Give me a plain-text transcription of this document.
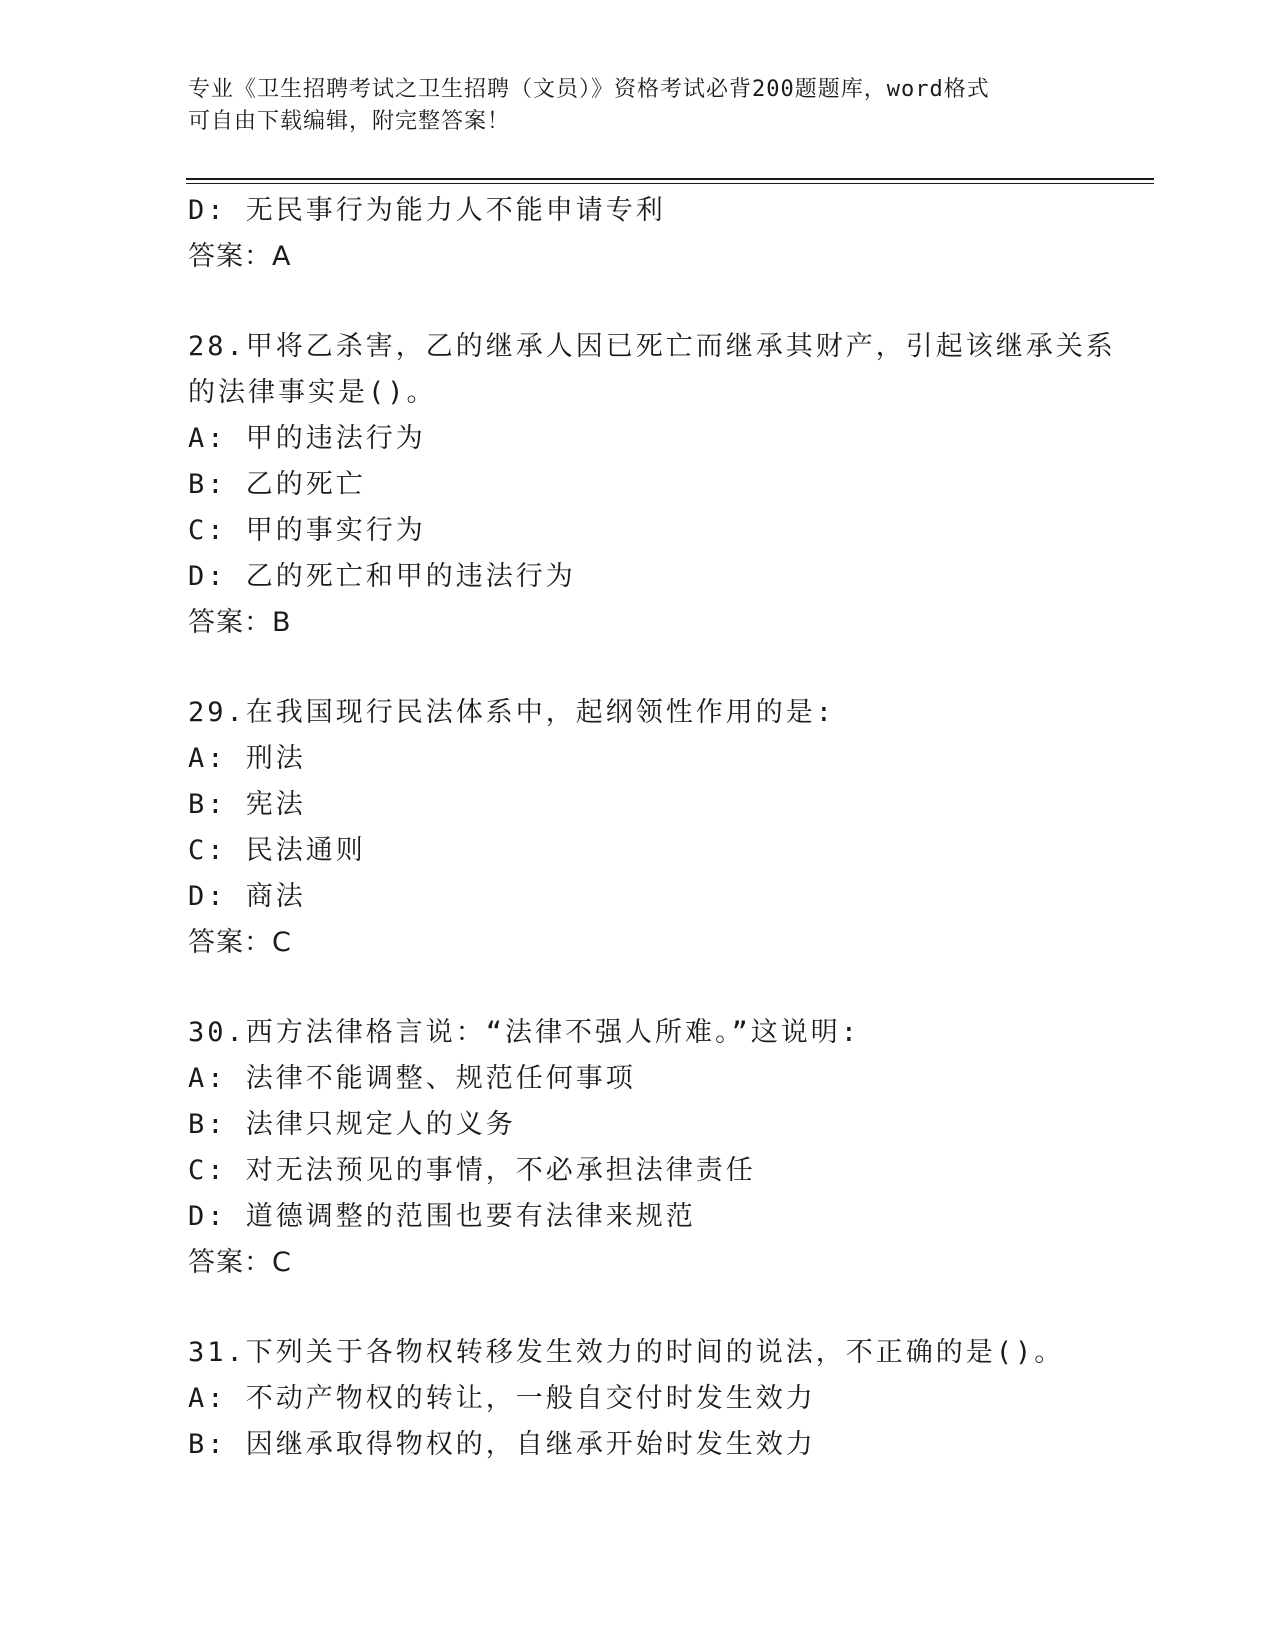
专业《卫生招聘考试之卫生招聘（文员）》资格考试必背200题题库，word格式
可自由下载编辑，附完整答案！
D: 无民事行为能力人不能申请专利
答案：A
28.甲将乙杀害，乙的继承人因已死亡而继承其财产，引起该继承关系
的法律事实是()。
A: 甲的违法行为
B: 乙的死亡
C: 甲的事实行为
D: 乙的死亡和甲的违法行为
答案：B
29.在我国现行民法体系中，起纲领性作用的是:
A: 刑法
B: 宪法
C: 民法通则
D: 商法
答案：C
30.西方法律格言说：“法律不强人所难。”这说明:
A: 法律不能调整、规范任何事项
B: 法律只规定人的义务
C: 对无法预见的事情，不必承担法律责任
D: 道德调整的范围也要有法律来规范
答案：C
31.下列关于各物权转移发生效力的时间的说法，不正确的是()。
A: 不动产物权的转让，一般自交付时发生效力
B: 因继承取得物权的，自继承开始时发生效力
